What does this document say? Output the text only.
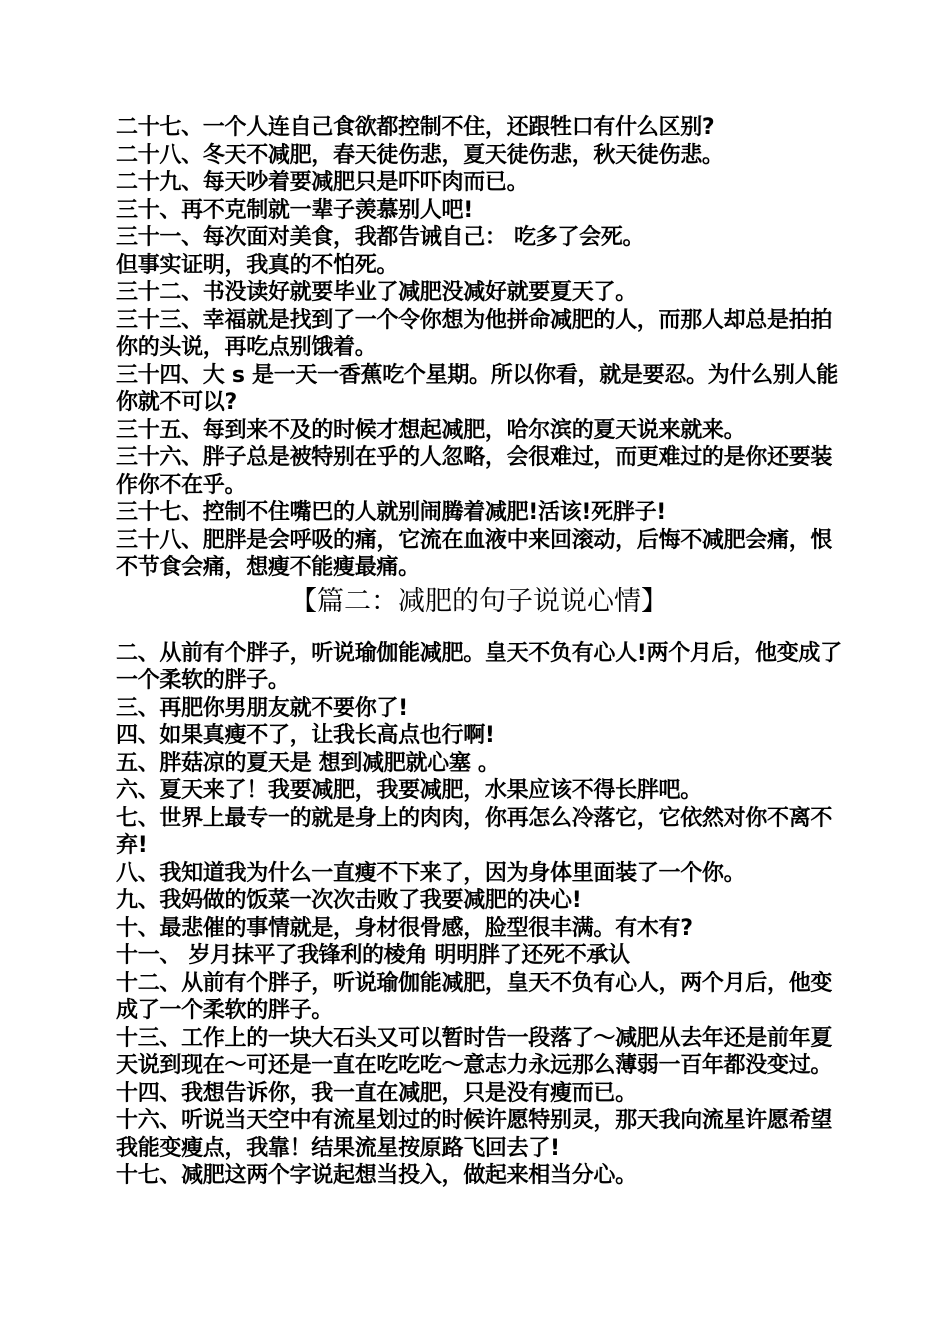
二十七、一个人连自己食欲都控制不住，还跟牲口有什么区别?

二十八、冬天不减肥，春天徒伤悲，夏天徒伤悲，秋天徒伤悲。

二十九、每天吵着要减肥只是吓吓肉而已。

三十、再不克制就一辈子羡慕别人吧!

三十一、每次面对美食，我都告诫自己： 吃多了会死。

但事实证明，我真的不怕死。

三十二、书没读好就要毕业了减肥没减好就要夏天了。

三十三、幸福就是找到了一个令你想为他拼命减肥的人，而那人却总是拍拍你的头说，再吃点别饿着。

三十四、大 s 是一天一香蕉吃个星期。所以你看，就是要忍。为什么别人能你就不可以?

三十五、每到来不及的时候才想起减肥，哈尔滨的夏天说来就来。

三十六、胖子总是被特别在乎的人忽略，会很难过，而更难过的是你还要装作你不在乎。

三十七、控制不住嘴巴的人就别闹腾着减肥!活该!死胖子!

三十八、肥胖是会呼吸的痛，它流在血液中来回滚动，后悔不减肥会痛，恨不节食会痛，想瘦不能瘦最痛。

【篇二：减肥的句子说说心情】

二、从前有个胖子，听说瑜伽能减肥。皇天不负有心人!两个月后，他变成了一个柔软的胖子。

三、再肥你男朋友就不要你了!

四、如果真瘦不了，让我长高点也行啊!

五、胖菇凉的夏天是 想到减肥就心塞 。

六、夏天来了！我要减肥，我要减肥，水果应该不得长胖吧。

七、世界上最专一的就是身上的肉肉，你再怎么冷落它，它依然对你不离不弃!

八、我知道我为什么一直瘦不下来了，因为身体里面装了一个你。

九、我妈做的饭菜一次次击败了我要减肥的决心!

十、最悲催的事情就是，身材很骨感，脸型很丰满。有木有?

十一、 岁月抹平了我锋利的棱角 明明胖了还死不承认

十二、从前有个胖子，听说瑜伽能减肥，皇天不负有心人，两个月后，他变成了一个柔软的胖子。

十三、工作上的一块大石头又可以暂时告一段落了～减肥从去年还是前年夏天说到现在～可还是一直在吃吃吃～意志力永远那么薄弱一百年都没变过。

十四、我想告诉你，我一直在减肥，只是没有瘦而已。

十六、听说当天空中有流星划过的时候许愿特别灵，那天我向流星许愿希望我能变瘦点，我靠！结果流星按原路飞回去了!

十七、减肥这两个字说起想当投入，做起来相当分心。
